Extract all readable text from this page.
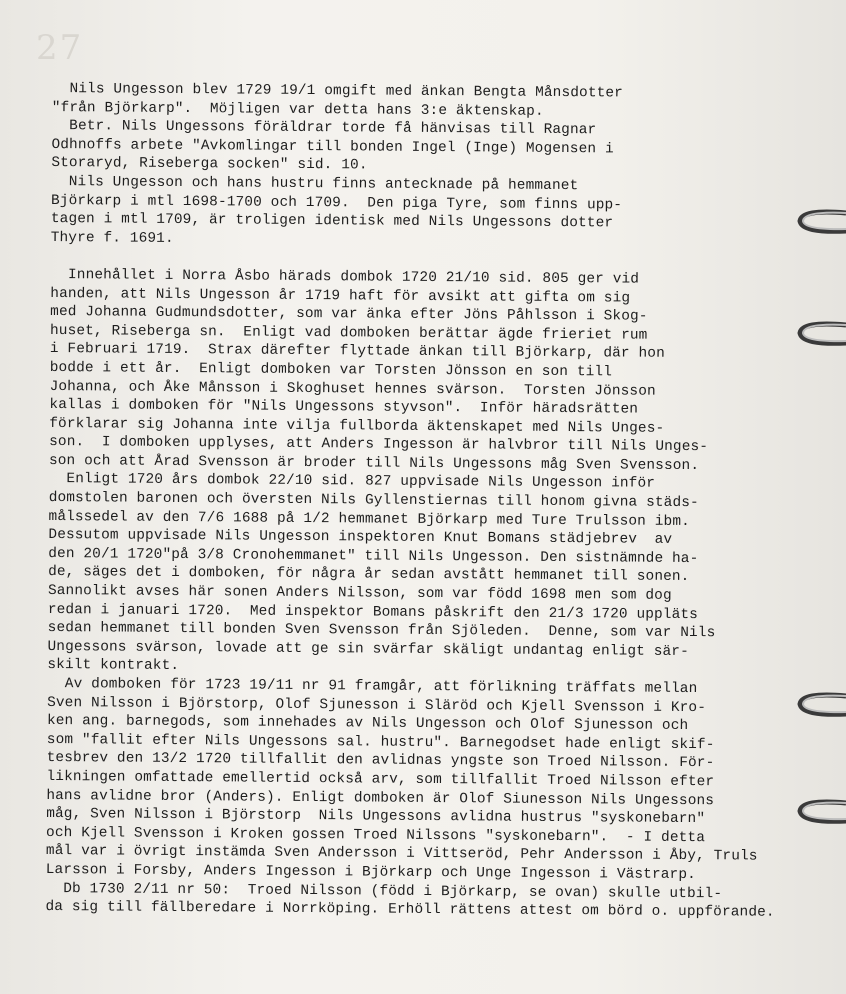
27
Nils Ungesson blev 1729 19/1 omgift med änkan Bengta Månsdotter
"från Björkarp".  Möjligen var detta hans 3:e äktenskap.
Betr. Nils Ungessons föräldrar torde få hänvisas till Ragnar
Odhnoffs arbete "Avkomlingar till bonden Ingel (Inge) Mogensen i
Storaryd, Riseberga socken" sid. 10.
Nils Ungesson och hans hustru finns antecknade på hemmanet
Björkarp i mtl 1698-1700 och 1709.  Den piga Tyre, som finns upp-
tagen i mtl 1709, är troligen identisk med Nils Ungessons dotter
Thyre f. 1691.
Innehållet i Norra Åsbo härads dombok 1720 21/10 sid. 805 ger vid
handen, att Nils Ungesson år 1719 haft för avsikt att gifta om sig
med Johanna Gudmundsdotter, som var änka efter Jöns Påhlsson i Skog-
huset, Riseberga sn.  Enligt vad domboken berättar ägde frieriet rum
i Februari 1719.  Strax därefter flyttade änkan till Björkarp, där hon
bodde i ett år.  Enligt domboken var Torsten Jönsson en son till
Johanna, och Åke Månsson i Skoghuset hennes svärson.  Torsten Jönsson
kallas i domboken för "Nils Ungessons styvson".  Inför häradsrätten
förklarar sig Johanna inte vilja fullborda äktenskapet med Nils Unges-
son.  I domboken upplyses, att Anders Ingesson är halvbror till Nils Unges-
son och att Årad Svensson är broder till Nils Ungessons måg Sven Svensson.
Enligt 1720 års dombok 22/10 sid. 827 uppvisade Nils Ungesson inför
domstolen baronen och översten Nils Gyllenstiernas till honom givna städs-
målssedel av den 7/6 1688 på 1/2 hemmanet Björkarp med Ture Trulsson ibm.
Dessutom uppvisade Nils Ungesson inspektoren Knut Bomans städjebrev  av
den 20/1 1720"på 3/8 Cronohemmanet" till Nils Ungesson. Den sistnämnde ha-
de, säges det i domboken, för några år sedan avstått hemmanet till sonen.
Sannolikt avses här sonen Anders Nilsson, som var född 1698 men som dog
redan i januari 1720.  Med inspektor Bomans påskrift den 21/3 1720 uppläts
sedan hemmanet till bonden Sven Svensson från Sjöleden.  Denne, som var Nils
Ungessons svärson, lovade att ge sin svärfar skäligt undantag enligt sär-
skilt kontrakt.
Av domboken för 1723 19/11 nr 91 framgår, att förlikning träffats mellan
Sven Nilsson i Björstorp, Olof Sjunesson i Släröd och Kjell Svensson i Kro-
ken ang. barnegods, som innehades av Nils Ungesson och Olof Sjunesson och
som "fallit efter Nils Ungessons sal. hustru". Barnegodset hade enligt skif-
tesbrev den 13/2 1720 tillfallit den avlidnas yngste son Troed Nilsson. För-
likningen omfattade emellertid också arv, som tillfallit Troed Nilsson efter
hans avlidne bror (Anders). Enligt domboken är Olof Siunesson Nils Ungessons
måg, Sven Nilsson i Björstorp  Nils Ungessons avlidna hustrus "syskonebarn"
och Kjell Svensson i Kroken gossen Troed Nilssons "syskonebarn".  - I detta
mål var i övrigt instämda Sven Andersson i Vittseröd, Pehr Andersson i Åby, Truls
Larsson i Forsby, Anders Ingesson i Björkarp och Unge Ingesson i Västrarp.
Db 1730 2/11 nr 50:  Troed Nilsson (född i Björkarp, se ovan) skulle utbil-
da sig till fällberedare i Norrköping. Erhöll rättens attest om börd o. uppförande.
